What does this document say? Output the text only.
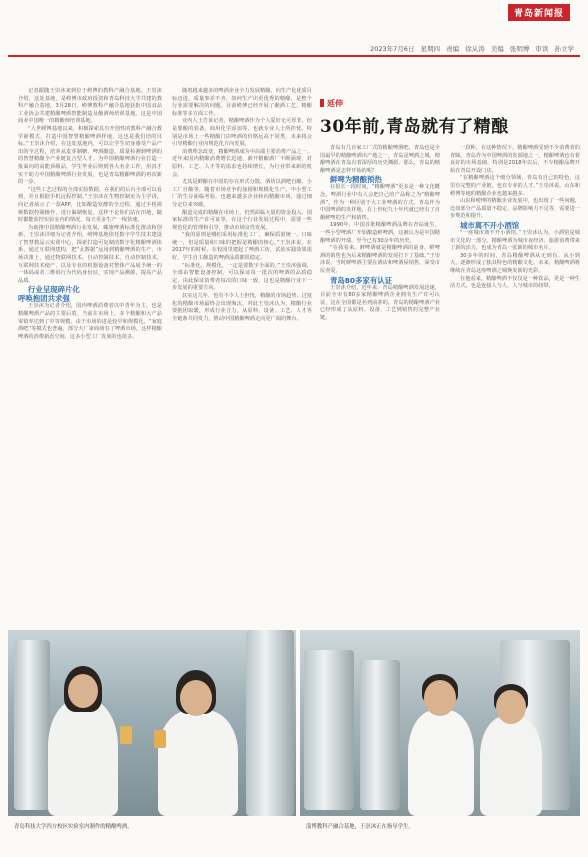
青岛新闻报
2023年7月6日 星期四 责编 徐从涛 美编 张明博 审读 孙立学

记者跟随王崇沐来到位于崂博的教科产融合基地。王崇沐介绍，这处基地，是崂博市政府投资和青岛科技大学共建的教科产融合基地。3月28日，崂博教科产融合基地获批中国食品工业协会共建精酿啤酒智能制造及酿酒师培训基地。这是中国商业中国唯一的精酿师培训基地。

“人世崂博基地以来，积极探索具有开创性的教科产融合教学新模式，打造中国智慧精酿啤酒样地，这也是我们培的目标。”王崇沐介绍，在这处基地内，可以让学生切身感受产品产出的全过程，培养从麦芽制糖、啤酒酿造、质量检测到啤酒的的智慧精酿全产业链复合型人才。为中国精酿啤酒行业打造一批面向的高能顶级品，学生毕业后则到各大名企工作，用真才实干助力中国精酿啤酒行业发展，也是青岛精酿啤酒的再次新的一步。

“这些工艺过程的全部实验数据，在我们的后台全部可以看到，并且根据手机远程控制。”王崇沐在生物控制室为主学讲，向记者展示了一款APP，比如酿造发酵的全过程，通过手机视频数据控制操作，进行偏制恢复，这样不论你们站在田地，随时都能监控实验室内的情况，每天更多生产一线快速。

为助推中国精酿啤酒行业发展，藏施啤酒标准化推动和创新，王崇沐详细为记者介绍，崂博基地依托数字学生技术建设了智慧教品云实训中心，探索打造可复制的数字化精酿啤酒体系，通过互联网建构，把“太数据”运用到精酿啤酒的生产、市场决策上，通过物联网技术，自动控制技术，自动控制技术，互联网技术使产，以及专业的机器设备对整体产品展予统一的一体码或者二维码行为代码身份证，实现产品溯源，提高产品品质。

行业呈现碎片化
呼唤抱团共求强

王崇沐为记者介绍，国内啤酒消费者以中青年为主，也是精酿啤酒产品的主要后盾。当前在市场上，多个精酿和大产品零销率达到了中等规模。由于市场的进是较早和规模化，“家庭酒吧”等模式也普遍，部分大厂家商场有了啤酒市场，这样精酿啤酒的消费新态空间，这多小型工厂发展的也很多。

随着越来越多的啤酒企业全力发展精酿，向生产化优质目标迈进，质量参差不齐，如何生产出更优秀的精酿，是整个行业需要解决的问题。目前崂博已经开展了酿酒工艺、精酿标准等多方面工作。

业内人士告诉记者，精酿啤酒作为个人爱好无可厚非，但是要酿的装备，商用化学添加等，也就专业人士所担忧。特别是市场上一些精酿门店啤酒的价格远高于同类，未来将会引导精酿行业向规范化方向发展。

消费理念改变，精酿啤酒成为中高端主要消费产品之一。近年来国内精酿消费增长迅速，新开精酿酒厂不断涌现，对原料、工艺、人才等的需求也持续增长，为行业带来新的机会。

尤其是鲜酿在中国的存在形式分散，酒坊以酒吧自酿、小工厂自酿等，随着市场竞争的加剧和规模化生产，中小型工厂的生存面临考验，也越来越多企业转向精酿市场，通过细分定位来突破。

酿造完成的精酿在市场上，仍然面临大量的资金投入、国家标准的生产许可证等，在这个行业发展过程中，需要一些规范化的管理和引导，推动市场良性发展。

“我的原则是哪怕采用标准化工厂，确保质量统一、口味统一，但是质量和口味的把握是精酿的核心。”王崇沐说，在2017年的时候，在校园里建起了啤酒工坊，试验实践效果很好，学生自主酿造的啤酒品质都很稳定。

“标准化，规模化，一定是要数字全面的。”王崇沐强调，全部由智能设备控制，可以保证每一批次的啤酒的品质稳定，由此保证消费者每次的口味一致，这也是精酿行业下一步发展的重要方向。

其实这几年，也有不少人士担忧，精酿的市场趋势，过度化的精酿市场最终会出现淘汰，对此王崇沐认为，精酿行业要抱团取暖，形成行业合力，从原料、设备、工艺、人才等全链条共同发力，推动中国精酿啤酒走向更广阔的舞台。

延伸
30年前,青岛就有了精酿

青岛有几百家工厂式的精酿啤酒吧，青岛也是全国最早的精酿啤酒出产地之一，青岛是啤酒之城，精酿啤酒在青岛有着深厚的历史渊源。那么，青岛的精酿啤酒是怎样开始的呢？

鲜啤为精酿预热

在很长一段时间，“精酿啤酒”更多是一种文化概念，啤酒行业中有人会把自己的产品称之为“精酿啤酒”，作为一种区别于大工业啤酒的方式。青岛作为中国啤酒的发祥地，在上世纪九十年代就已经有了自酿鲜啤的生产和销售。

1990年，中国首批精酿啤酒品牌在青岛诞生，一些小型啤酒厂开始酿造鲜啤酒，这被认为是中国精酿啤酒的开端，至今已有30余年的历史。

“在我看来，鲜啤酒就是精酿啤酒的前身，鲜啤酒的销售也为后来精酿啤酒的发展打下了基础。”王崇沐说，当时鲜啤酒主要在酒店和啤酒屋销售，深受市民喜爱。

青岛80多家有认证

王崇沐介绍，近年来，青岛精酿啤酒发展迅速，目前全市有80多家精酿啤酒企业拥有生产许可认证，这在全国都是名列前茅的。青岛的精酿啤酒产业已经形成了从原料、设备、工艺到销售的完整产业链。

一段种，在这种情况下，精酿啤酒受到不少消费者的青睐，青岛作为中国啤酒的发源地之一，精酿啤酒也有着良好的市场基础。特别是2018年以后，不少精酿品牌开始在青岛开设门店。

“在精酿啤酒这个细分领域，青岛有自己的特色，这里有完整的产业链，也有专业的人才。”王崇沐说。山东和崂博等地的精酿企业也越来越多。

山东和崂博的精酿企业发展中，也出现了一些问题，比如部分产品质量不稳定、品牌影响力不足等，需要进一步规范和提升。

城市离不开小酒馆

“一座城市离不开小酒馆。”王崇沐认为，小酒馆是城市文化的一部分，精酿啤酒为城市夜经济、旅游消费带来了新的活力，也成为青岛一张新的城市名片。

30多年的时间，青岛精酿啤酒从无到有、从小到大，逐渐形成了独具特色的精酿文化。未来，精酿啤酒将继续在青岛这座啤酒之城焕发新的光彩。

在他看来，精酿啤酒不仅仅是一种饮品，更是一种生活方式，也是连接人与人、人与城市的纽带。

青岛科技大学四方校区实验室内制作的精酿啤酒。	淄博教科产融合基地，王崇沐正在指导学生。
